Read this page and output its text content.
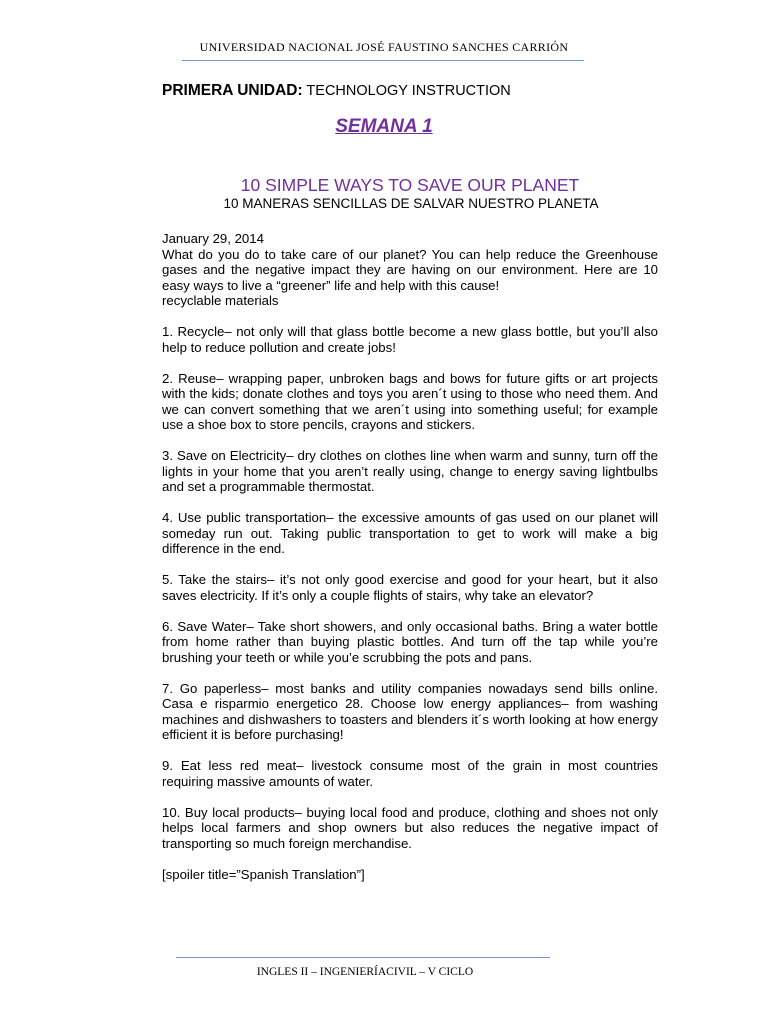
UNIVERSIDAD NACIONAL JOSÉ FAUSTINO SANCHES CARRIÓN
PRIMERA UNIDAD: TECHNOLOGY INSTRUCTION
SEMANA 1
10 SIMPLE WAYS TO SAVE OUR PLANET
10 MANERAS SENCILLAS DE SALVAR NUESTRO PLANETA

January 29, 2014

What do you do to take care of our planet? You can help reduce the Greenhouse gases and the negative impact they are having on our environment. Here are 10 easy ways to live a “greener” life and help with this cause!

recyclable materials

1. Recycle– not only will that glass bottle become a new glass bottle, but you’ll also help to reduce pollution and create jobs!

2. Reuse– wrapping paper, unbroken bags and bows for future gifts or art projects with the kids; donate clothes and toys you aren´t using to those who need them. And we can convert something that we aren´t using into something useful; for example use a shoe box to store pencils, crayons and stickers.

3. Save on Electricity– dry clothes on clothes line when warm and sunny, turn off the lights in your home that you aren’t really using, change to energy saving lightbulbs and set a programmable thermostat.

4. Use public transportation– the excessive amounts of gas used on our planet will someday run out. Taking public transportation to get to work will make a big difference in the end.

5. Take the stairs– it’s not only good exercise and good for your heart, but it also saves electricity. If it’s only a couple flights of stairs, why take an elevator?

6. Save Water– Take short showers, and only occasional baths. Bring a water bottle from home rather than buying plastic bottles. And turn off the tap while you’re brushing your teeth or while you’e scrubbing the pots and pans.

7. Go paperless– most banks and utility companies nowadays send bills online. Casa e risparmio energetico 28. Choose low energy appliances– from washing machines and dishwashers to toasters and blenders it´s worth looking at how energy efficient it is before purchasing!

9. Eat less red meat– livestock consume most of the grain in most countries requiring massive amounts of water.

10. Buy local products– buying local food and produce, clothing and shoes not only helps local farmers and shop owners but also reduces the negative impact of transporting so much foreign merchandise.

[spoiler title=”Spanish Translation”]

INGLES II – INGENIERÍACIVIL – V CICLO
